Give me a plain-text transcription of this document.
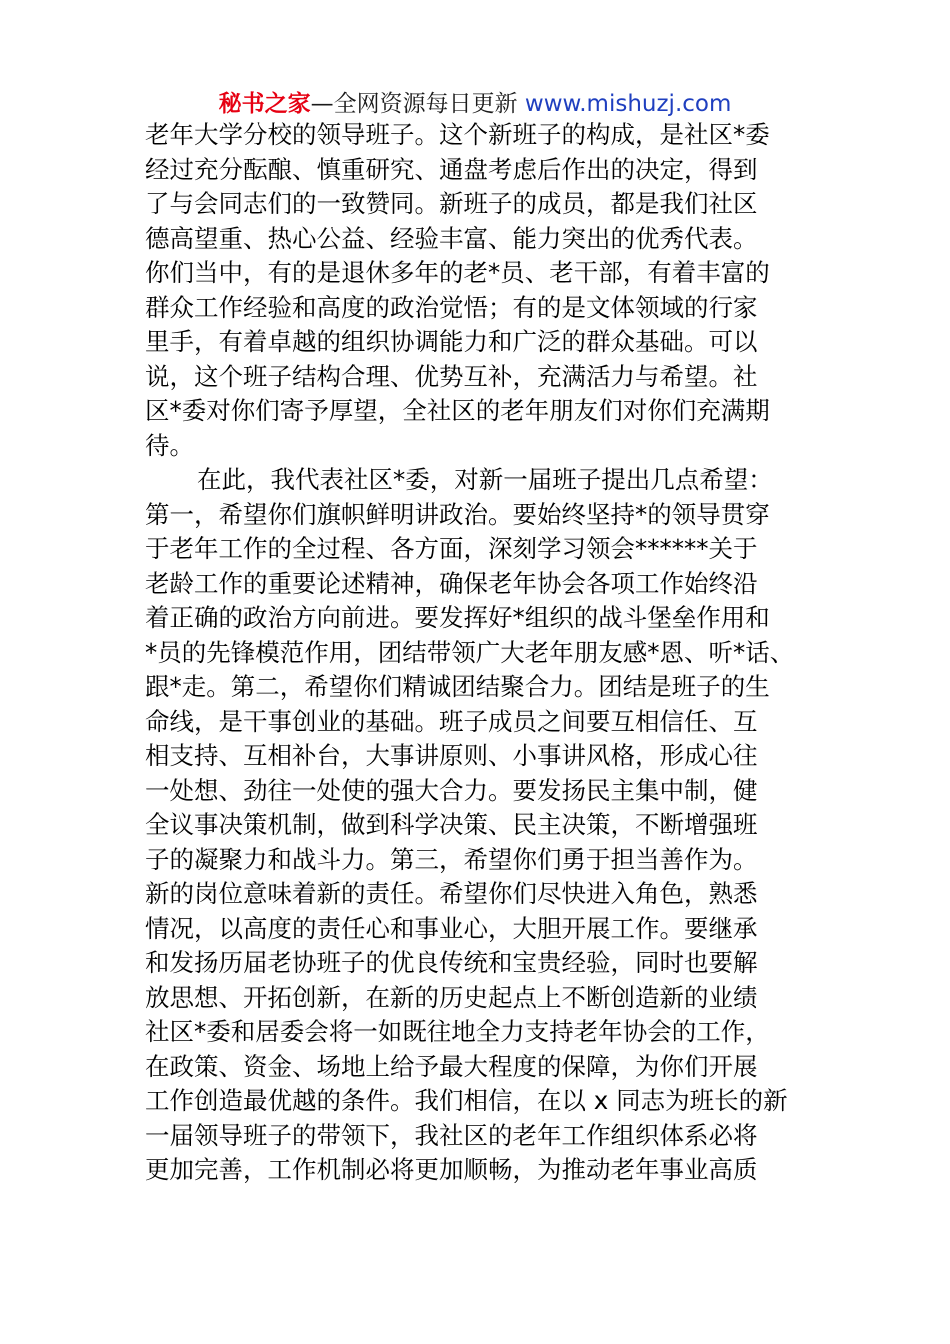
秘书之家—全网资源每日更新 www.mishuzj.com
老年大学分校的领导班子。这个新班子的构成，是社区*委
经过充分酝酿、慎重研究、通盘考虑后作出的决定，得到
了与会同志们的一致赞同。新班子的成员，都是我们社区
德高望重、热心公益、经验丰富、能力突出的优秀代表。
你们当中，有的是退休多年的老*员、老干部，有着丰富的
群众工作经验和高度的政治觉悟；有的是文体领域的行家
里手，有着卓越的组织协调能力和广泛的群众基础。可以
说，这个班子结构合理、优势互补，充满活力与希望。社
区*委对你们寄予厚望，全社区的老年朋友们对你们充满期
待。
在此，我代表社区*委，对新一届班子提出几点希望：
第一，希望你们旗帜鲜明讲政治。要始终坚持*的领导贯穿
于老年工作的全过程、各方面，深刻学习领会******关于
老龄工作的重要论述精神，确保老年协会各项工作始终沿
着正确的政治方向前进。要发挥好*组织的战斗堡垒作用和
*员的先锋模范作用，团结带领广大老年朋友感*恩、听*话、
跟*走。第二，希望你们精诚团结聚合力。团结是班子的生
命线，是干事创业的基础。班子成员之间要互相信任、互
相支持、互相补台，大事讲原则、小事讲风格，形成心往
一处想、劲往一处使的强大合力。要发扬民主集中制，健
全议事决策机制，做到科学决策、民主决策，不断增强班
子的凝聚力和战斗力。第三，希望你们勇于担当善作为。
新的岗位意味着新的责任。希望你们尽快进入角色，熟悉
情况，以高度的责任心和事业心，大胆开展工作。要继承
和发扬历届老协班子的优良传统和宝贵经验，同时也要解
放思想、开拓创新，在新的历史起点上不断创造新的业绩
社区*委和居委会将一如既往地全力支持老年协会的工作，
在政策、资金、场地上给予最大程度的保障，为你们开展
工作创造最优越的条件。我们相信，在以 x 同志为班长的新
一届领导班子的带领下，我社区的老年工作组织体系必将
更加完善，工作机制必将更加顺畅，为推动老年事业高质
